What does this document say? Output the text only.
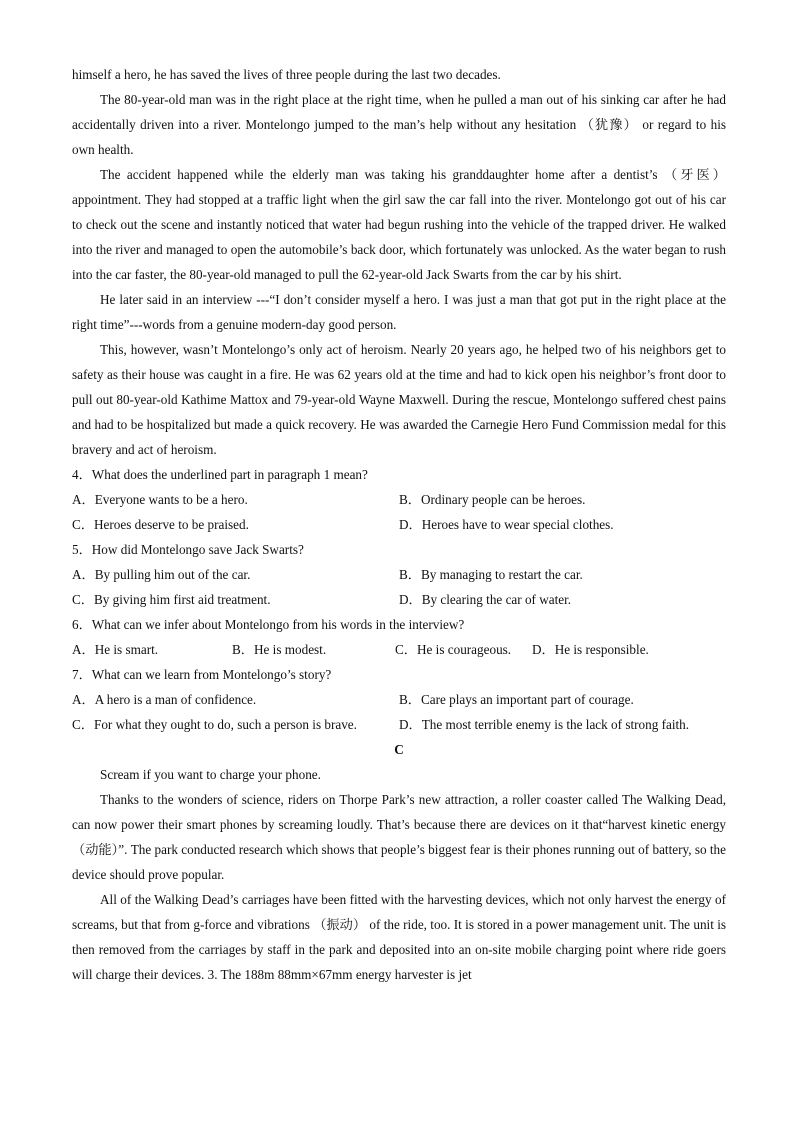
himself a hero, he has saved the lives of three people during the last two decades.

The 80-year-old man was in the right place at the right time, when he pulled a man out of his sinking car after he had accidentally driven into a river. Montelongo jumped to the man’s help without any hesitation （犹豫） or regard to his own health.

The accident happened while the elderly man was taking his granddaughter home after a dentist’s （牙医） appointment. They had stopped at a traffic light when the girl saw the car fall into the river. Montelongo got out of his car to check out the scene and instantly noticed that water had begun rushing into the vehicle of the trapped driver. He walked into the river and managed to open the automobile’s back door, which fortunately was unlocked. As the water began to rush into the car faster, the 80-year-old managed to pull the 62-year-old Jack Swarts from the car by his shirt.

He later said in an interview ---“I don’t consider myself a hero. I was just a man that got put in the right place at the right time”---words from a genuine modern-day good person.

This, however, wasn’t Montelongo’s only act of heroism. Nearly 20 years ago, he helped two of his neighbors get to safety as their house was caught in a fire. He was 62 years old at the time and had to kick open his neighbor’s front door to pull out 80-year-old Kathime Mattox and 79-year-old Wayne Maxwell. During the rescue, Montelongo suffered chest pains and had to be hospitalized but made a quick recovery. He was awarded the Carnegie Hero Fund Commission medal for this bravery and act of heroism.

4．What does the underlined part in paragraph 1 mean?

A．Everyone wants to be a hero.	B．Ordinary people can be heroes.
C．Heroes deserve to be praised.	D．Heroes have to wear special clothes.

5．How did Montelongo save Jack Swarts?

A．By pulling him out of the car.	B．By managing to restart the car.
C．By giving him first aid treatment.	D．By clearing the car of water.

6．What can we infer about Montelongo from his words in the interview?

A．He is smart.	B．He is modest.	C．He is courageous.	D．He is responsible.

7．What can we learn from Montelongo’s story?

A．A hero is a man of confidence.	B．Care plays an important part of courage.
C．For what they ought to do, such a person is brave.	D．The most terrible enemy is the lack of strong faith.

C

Scream if you want to charge your phone.

Thanks to the wonders of science, riders on Thorpe Park’s new attraction, a roller coaster called The Walking Dead, can now power their smart phones by screaming loudly. That’s because there are devices on it that“harvest kinetic energy （动能）”. The park conducted research which shows that people’s biggest fear is their phones running out of battery, so the device should prove popular.

All of the Walking Dead’s carriages have been fitted with the harvesting devices, which not only harvest the energy of screams, but that from g-force and vibrations （振动） of the ride, too. It is stored in a power management unit. The unit is then removed from the carriages by staff in the park and deposited into an on-site mobile charging point where ride goers will charge their devices. 3. The 188m 88mm×67mm energy harvester is jet
